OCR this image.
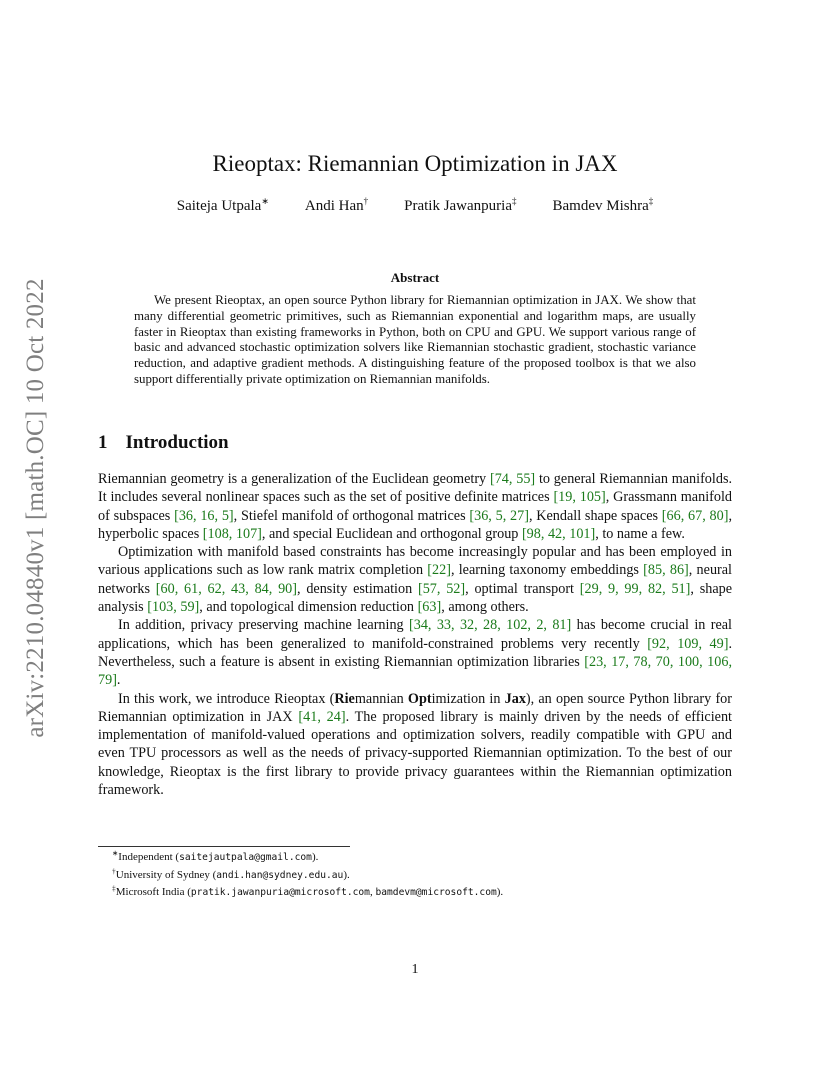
arXiv:2210.04840v1 [math.OC] 10 Oct 2022
Rieoptax: Riemannian Optimization in JAX
Saiteja Utpala∗ Andi Han† Pratik Jawanpuria‡ Bamdev Mishra‡
Abstract

We present Rieoptax, an open source Python library for Riemannian optimization in JAX. We show that many differential geometric primitives, such as Riemannian exponential and logarithm maps, are usually faster in Rieoptax than existing frameworks in Python, both on CPU and GPU. We support various range of basic and advanced stochastic optimization solvers like Riemannian stochastic gradient, stochastic variance reduction, and adaptive gradient methods. A distinguishing feature of the proposed toolbox is that we also support differentially private optimization on Riemannian manifolds.

1 Introduction

Riemannian geometry is a generalization of the Euclidean geometry [74, 55] to general Riemannian manifolds. It includes several nonlinear spaces such as the set of positive definite matrices [19, 105], Grassmann manifold of subspaces [36, 16, 5], Stiefel manifold of orthogonal matrices [36, 5, 27], Kendall shape spaces [66, 67, 80], hyperbolic spaces [108, 107], and special Euclidean and orthogonal group [98, 42, 101], to name a few.

Optimization with manifold based constraints has become increasingly popular and has been employed in various applications such as low rank matrix completion [22], learning taxonomy embeddings [85, 86], neural networks [60, 61, 62, 43, 84, 90], density estimation [57, 52], optimal transport [29, 9, 99, 82, 51], shape analysis [103, 59], and topological dimension reduction [63], among others.

In addition, privacy preserving machine learning [34, 33, 32, 28, 102, 2, 81] has become crucial in real applications, which has been generalized to manifold-constrained problems very recently [92, 109, 49]. Nevertheless, such a feature is absent in existing Riemannian optimization libraries [23, 17, 78, 70, 100, 106, 79].

In this work, we introduce Rieoptax (Riemannian Optimization in Jax), an open source Python library for Riemannian optimization in JAX [41, 24]. The proposed library is mainly driven by the needs of efficient implementation of manifold-valued operations and optimization solvers, readily compatible with GPU and even TPU processors as well as the needs of privacy-supported Riemannian optimization. To the best of our knowledge, Rieoptax is the first library to provide privacy guarantees within the Riemannian optimization framework.

∗Independent (saitejautpala@gmail.com).
†University of Sydney (andi.han@sydney.edu.au).
‡Microsoft India (pratik.jawanpuria@microsoft.com, bamdevm@microsoft.com).
1
